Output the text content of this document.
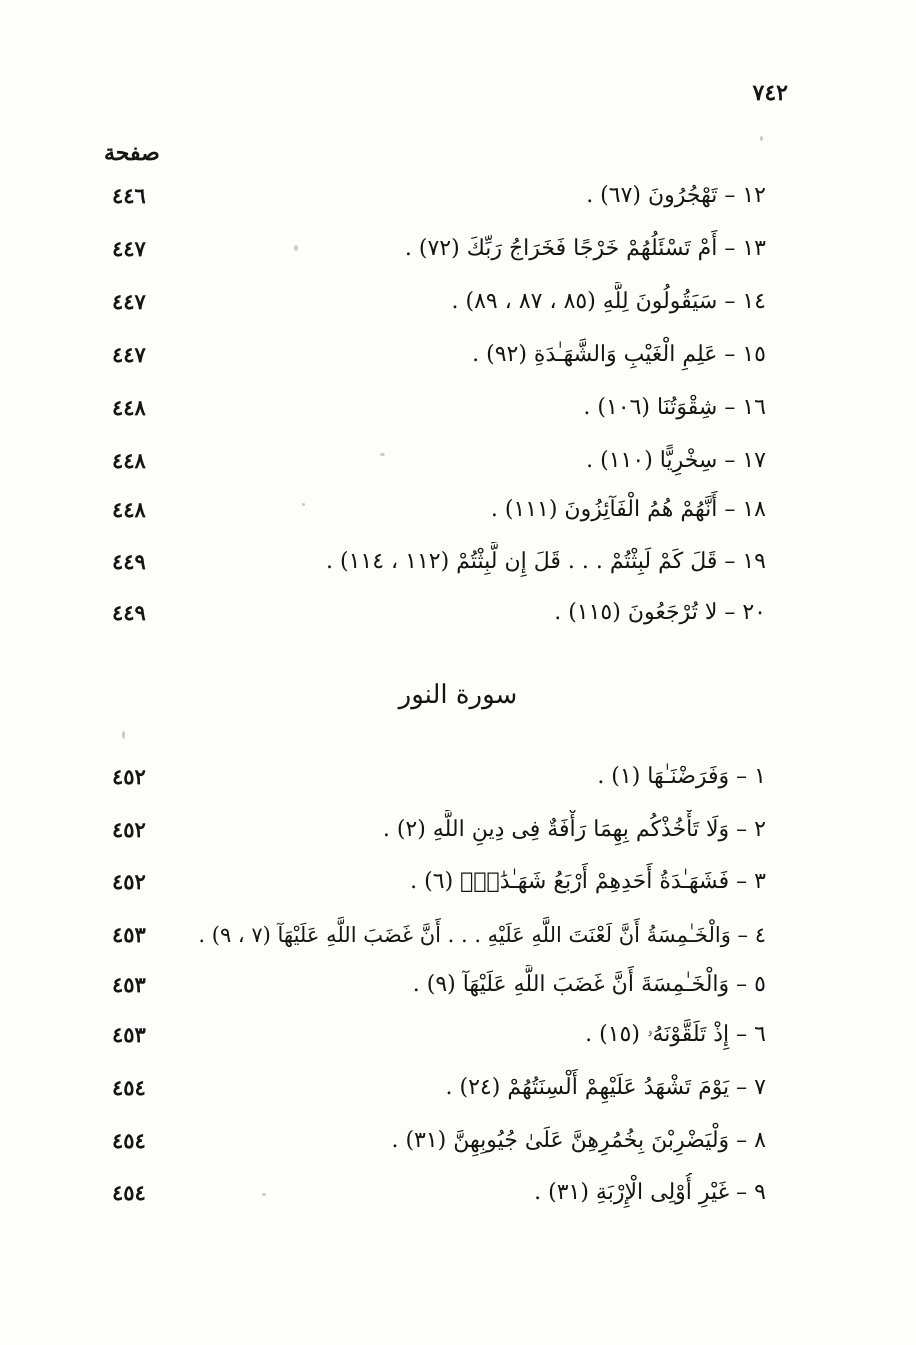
٧٤٢
صفحة
١٢ – تَهْجُرُونَ (٦٧) .
٤٤٦
١٣ – أَمْ تَسْئَلُهُمْ خَرْجًا فَخَرَاجُ رَبِّكَ (٧٢) .
٤٤٧
١٤ – سَيَقُولُونَ لِلَّهِ (٨٥ ، ٨٧ ، ٨٩) .
٤٤٧
١٥ – عَلِمِ الْغَيْبِ وَالشَّهَـٰدَةِ (٩٢) .
٤٤٧
١٦ – شِقْوَتُنَا (١٠٦) .
٤٤٨
١٧ – سِخْرِيًّا (١١٠) .
٤٤٨
١٨ – أَنَّهُمْ هُمُ الْفَآئِزُونَ (١١١) .
٤٤٨
١٩ – قَلَ كَمْ لَبِثْتُمْ . . . قَلَ إِن لَّبِثْتُمْ (١١٢ ، ١١٤) .
٤٤٩
٢٠ – لا تُرْجَعُونَ (١١٥) .
٤٤٩
سورة النور
١ – وَفَرَضْنَـٰهَا (١) .
٤٥٢
٢ – وَلَا تَأْخُذْكُم بِهِمَا رَأْفَةٌ فِى دِينِ اللَّهِ (٢) .
٤٥٢
٣ – فَشَهَـٰدَةُ أَحَدِهِمْ أَرْبَعُ شَهَـٰدَٰتٍۭ (٦) .
٤٥٢
٤ – وَالْخَـٰمِسَةُ أَنَّ لَعْنَتَ اللَّهِ عَلَيْهِ . . . أَنَّ غَضَبَ اللَّهِ عَلَيْهَآ (٧ ، ٩) .
٤٥٣
٥ – وَالْخَـٰمِسَةَ أَنَّ غَضَبَ اللَّهِ عَلَيْهَآ (٩) .
٤٥٣
٦ – إِذْ تَلَقَّوْنَهُۥ (١٥) .
٤٥٣
٧ – يَوْمَ تَشْهَدُ عَلَيْهِمْ أَلْسِنَتُهُمْ (٢٤) .
٤٥٤
٨ – وَلْيَضْرِبْنَ بِخُمُرِهِنَّ عَلَىٰ جُيُوبِهِنَّ (٣١) .
٤٥٤
٩ – غَيْرِ أُوْلِى الْإِرْبَةِ (٣١) .
٤٥٤
